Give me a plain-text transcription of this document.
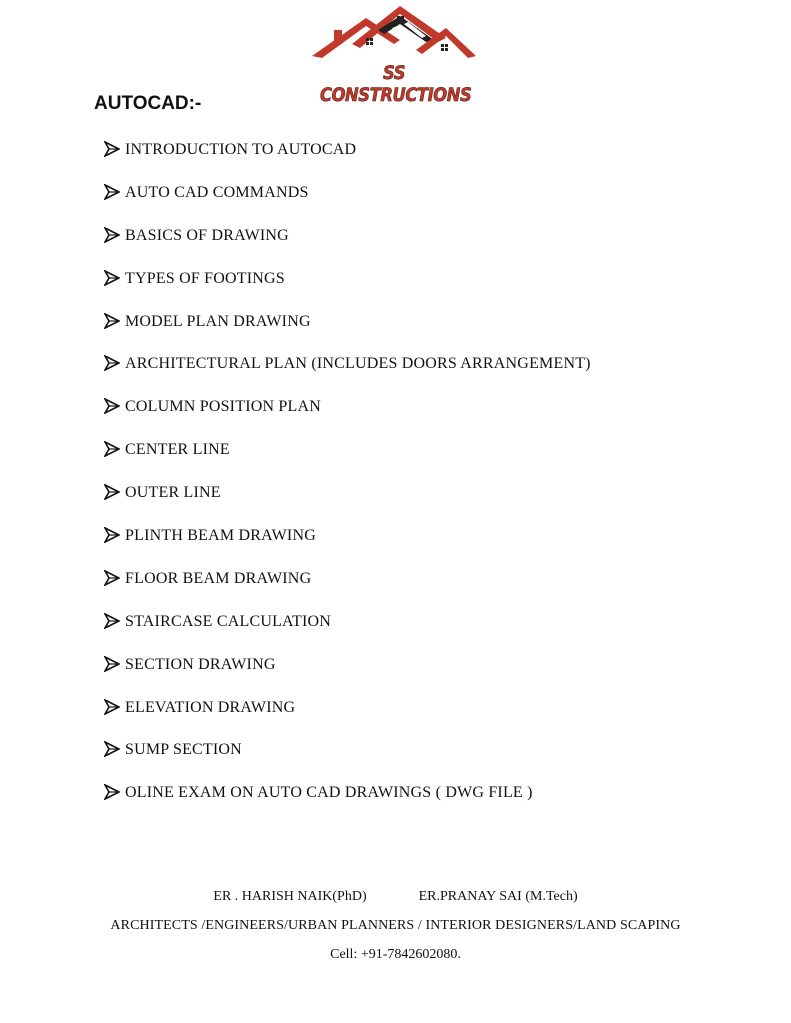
SS CONSTRUCTIONS
AUTOCAD:-
INTRODUCTION TO AUTOCAD
AUTO CAD COMMANDS
BASICS OF DRAWING
TYPES OF FOOTINGS
MODEL PLAN DRAWING
ARCHITECTURAL PLAN (INCLUDES DOORS ARRANGEMENT)
COLUMN POSITION PLAN
CENTER LINE
OUTER LINE
PLINTH BEAM DRAWING
FLOOR BEAM DRAWING
STAIRCASE CALCULATION
SECTION DRAWING
ELEVATION DRAWING
SUMP SECTION
OLINE EXAM ON AUTO CAD DRAWINGS ( DWG FILE )
ER . HARISH NAIK(PhD)	ER.PRANAY SAI (M.Tech)
ARCHITECTS /ENGINEERS/URBAN PLANNERS / INTERIOR DESIGNERS/LAND SCAPING
Cell: +91-7842602080.
